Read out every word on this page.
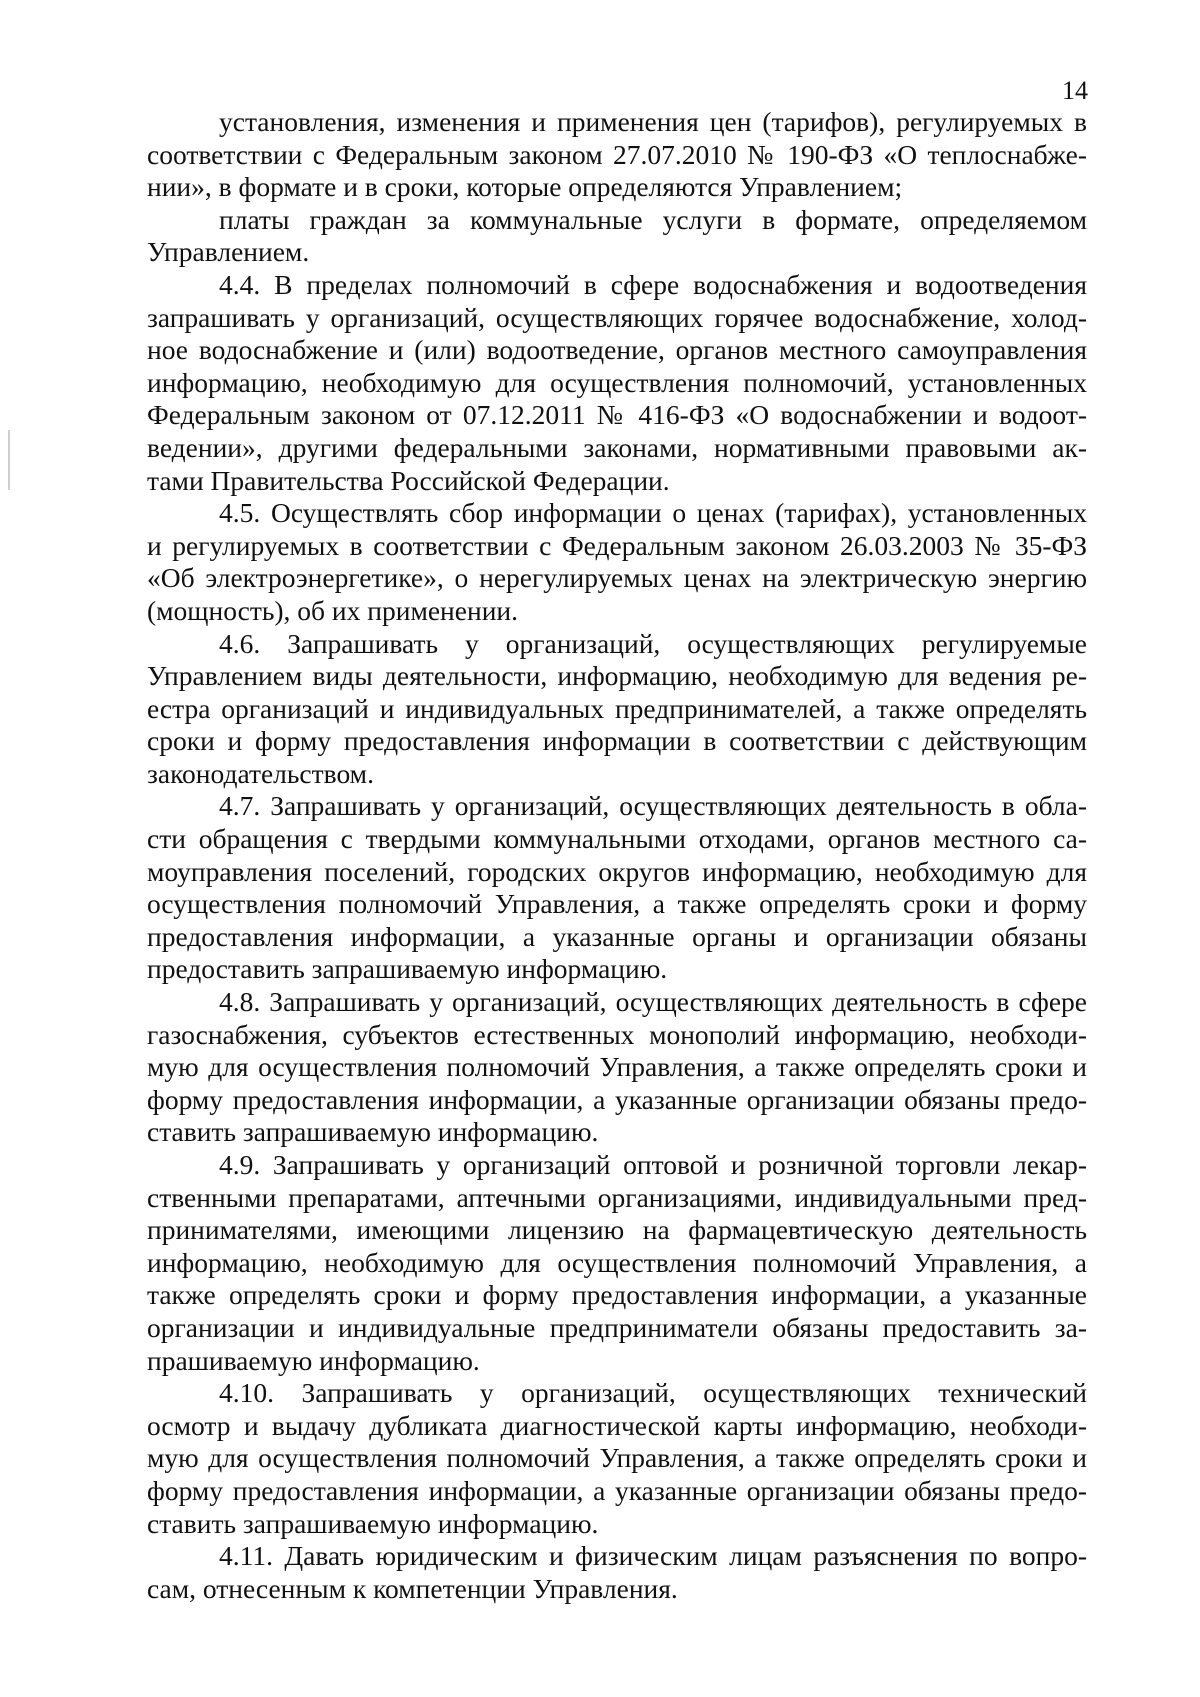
14
установления, изменения и применения цен (тарифов), регулируемых в
соответствии с Федеральным законом 27.07.2010 № 190-ФЗ «О теплоснабже-
нии», в формате и в сроки, которые определяются Управлением;
платы граждан за коммунальные услуги в формате, определяемом
Управлением.
4.4. В пределах полномочий в сфере водоснабжения и водоотведения
запрашивать у организаций, осуществляющих горячее водоснабжение, холод-
ное водоснабжение и (или) водоотведение, органов местного самоуправления
информацию, необходимую для осуществления полномочий, установленных
Федеральным законом от 07.12.2011 № 416-ФЗ «О водоснабжении и водоот-
ведении», другими федеральными законами, нормативными правовыми ак-
тами Правительства Российской Федерации.
4.5. Осуществлять сбор информации о ценах (тарифах), установленных
и регулируемых в соответствии с Федеральным законом 26.03.2003 № 35-ФЗ
«Об электроэнергетике», о нерегулируемых ценах на электрическую энергию
(мощность), об их применении.
4.6. Запрашивать у организаций, осуществляющих регулируемые
Управлением виды деятельности, информацию, необходимую для ведения ре-
естра организаций и индивидуальных предпринимателей, а также определять
сроки и форму предоставления информации в соответствии с действующим
законодательством.
4.7. Запрашивать у организаций, осуществляющих деятельность в обла-
сти обращения с твердыми коммунальными отходами, органов местного са-
моуправления поселений, городских округов информацию, необходимую для
осуществления полномочий Управления, а также определять сроки и форму
предоставления информации, а указанные органы и организации обязаны
предоставить запрашиваемую информацию.
4.8. Запрашивать у организаций, осуществляющих деятельность в сфере
газоснабжения, субъектов естественных монополий информацию, необходи-
мую для осуществления полномочий Управления, а также определять сроки и
форму предоставления информации, а указанные организации обязаны предо-
ставить запрашиваемую информацию.
4.9. Запрашивать у организаций оптовой и розничной торговли лекар-
ственными препаратами, аптечными организациями, индивидуальными пред-
принимателями, имеющими лицензию на фармацевтическую деятельность
информацию, необходимую для осуществления полномочий Управления, а
также определять сроки и форму предоставления информации, а указанные
организации и индивидуальные предприниматели обязаны предоставить за-
прашиваемую информацию.
4.10. Запрашивать у организаций, осуществляющих технический
осмотр и выдачу дубликата диагностической карты информацию, необходи-
мую для осуществления полномочий Управления, а также определять сроки и
форму предоставления информации, а указанные организации обязаны предо-
ставить запрашиваемую информацию.
4.11. Давать юридическим и физическим лицам разъяснения по вопро-
сам, отнесенным к компетенции Управления.
